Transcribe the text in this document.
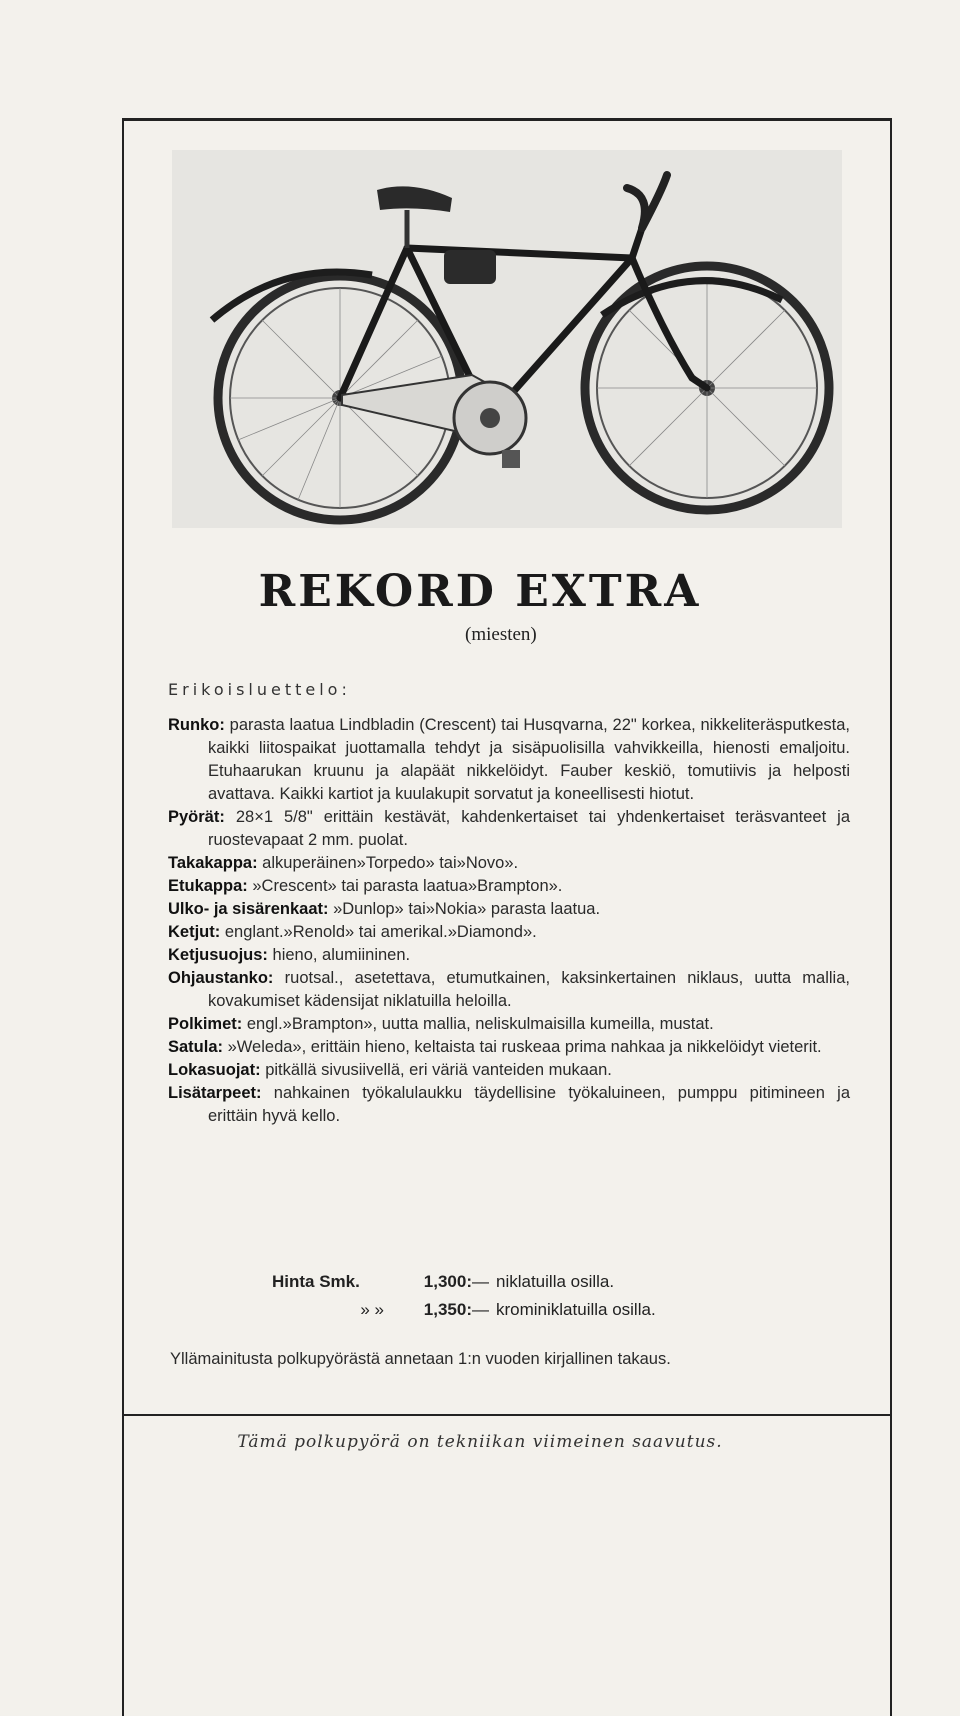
REKORD EXTRA
(miesten)
Erikoisluettelo:

Runko: parasta laatua Lindbladin (Crescent) tai Husqvarna, 22" korkea, nikkeliteräsputkesta, kaikki liitospaikat juottamalla tehdyt ja sisäpuolisilla vahvikkeilla, hienosti emaljoitu. Etuhaarukan kruunu ja alapäät nikkelöidyt. Fauber keskiö, tomutiivis ja helposti avattava. Kaikki kartiot ja kuulakupit sorvatut ja koneellisesti hiotut.

Pyörät: 28×1 5/8" erittäin kestävät, kahdenkertaiset tai yhdenkertaiset teräsvanteet ja ruostevapaat 2 mm. puolat.

Takakappa: alkuperäinen»Torpedo» tai»Novo».

Etukappa: »Crescent» tai parasta laatua»Brampton».

Ulko- ja sisärenkaat: »Dunlop» tai»Nokia» parasta laatua.

Ketjut: englant.»Renold» tai amerikal.»Diamond».

Ketjusuojus: hieno, alumiininen.

Ohjaustanko: ruotsal., asetettava, etumutkainen, kaksinkertainen niklaus, uutta mallia, kovakumiset kädensijat niklatuilla heloilla.

Polkimet: engl.»Brampton», uutta mallia, neliskulmaisilla kumeilla, mustat.

Satula: »Weleda», erittäin hieno, keltaista tai ruskeaa prima nahkaa ja nikkelöidyt vieterit.

Lokasuojat: pitkällä sivusiivellä, eri väriä vanteiden mukaan.

Lisätarpeet: nahkainen työkalulaukku täydellisine työkaluineen, pumppu pitimineen ja erittäin hyvä kello.

Hinta Smk.	1,300:— niklatuilla osilla.
» » 1,350:— krominiklatuilla osilla.
Yllämainitusta polkupyörästä annetaan 1:n vuoden kirjallinen takaus.
Tämä polkupyörä on tekniikan viimeinen saavutus.
